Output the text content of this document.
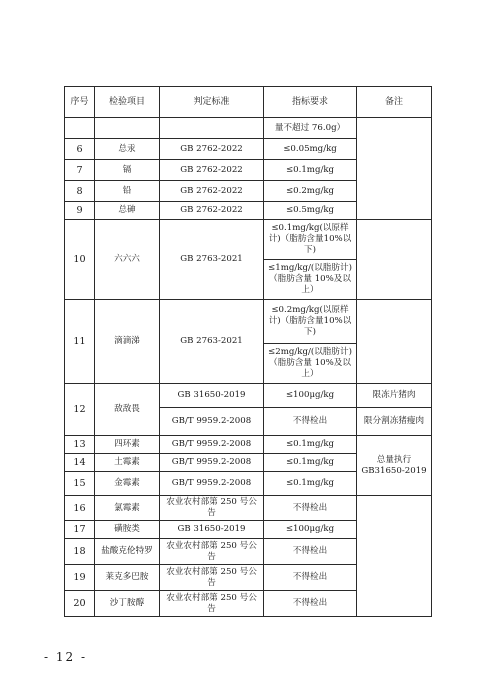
序号	检验项目	判定标准	指标要求	备注
			量不超过 76.0g）	
6	总汞	GB 2762-2022	≤0.05mg/kg	
7	镉	GB 2762-2022	≤0.1mg/kg	
8	铅	GB 2762-2022	≤0.2mg/kg	
9	总砷	GB 2762-2022	≤0.5mg/kg	
10	六六六	GB 2763-2021	≤0.1mg/kg(以原样计)（脂肪含量10%以下)	
			≤1mg/kg/(以脂肪计)（脂肪含量 10%及以上）	
11	滴滴涕	GB 2763-2021	≤0.2mg/kg(以原样计)（脂肪含量10%以下)	
			≤2mg/kg/(以脂肪计)（脂肪含量 10%及以上）	
12	敌敌畏	GB 31650-2019	≤100μg/kg	限冻片猪肉
		GB/T 9959.2-2008	不得检出	限分割冻猪瘦肉
13	四环素	GB/T 9959.2-2008	≤0.1mg/kg	总量执行GB31650-2019
14	土霉素	GB/T 9959.2-2008	≤0.1mg/kg	
15	金霉素	GB/T 9959.2-2008	≤0.1mg/kg	
16	氯霉素	农业农村部第 250 号公告	不得检出	
17	磺胺类	GB 31650-2019	≤100μg/kg	
18	盐酸克伦特罗	农业农村部第 250 号公告	不得检出	
19	莱克多巴胺	农业农村部第 250 号公告	不得检出	
20	沙丁胺醇	农业农村部第 250 号公告	不得检出	
- 12 -
